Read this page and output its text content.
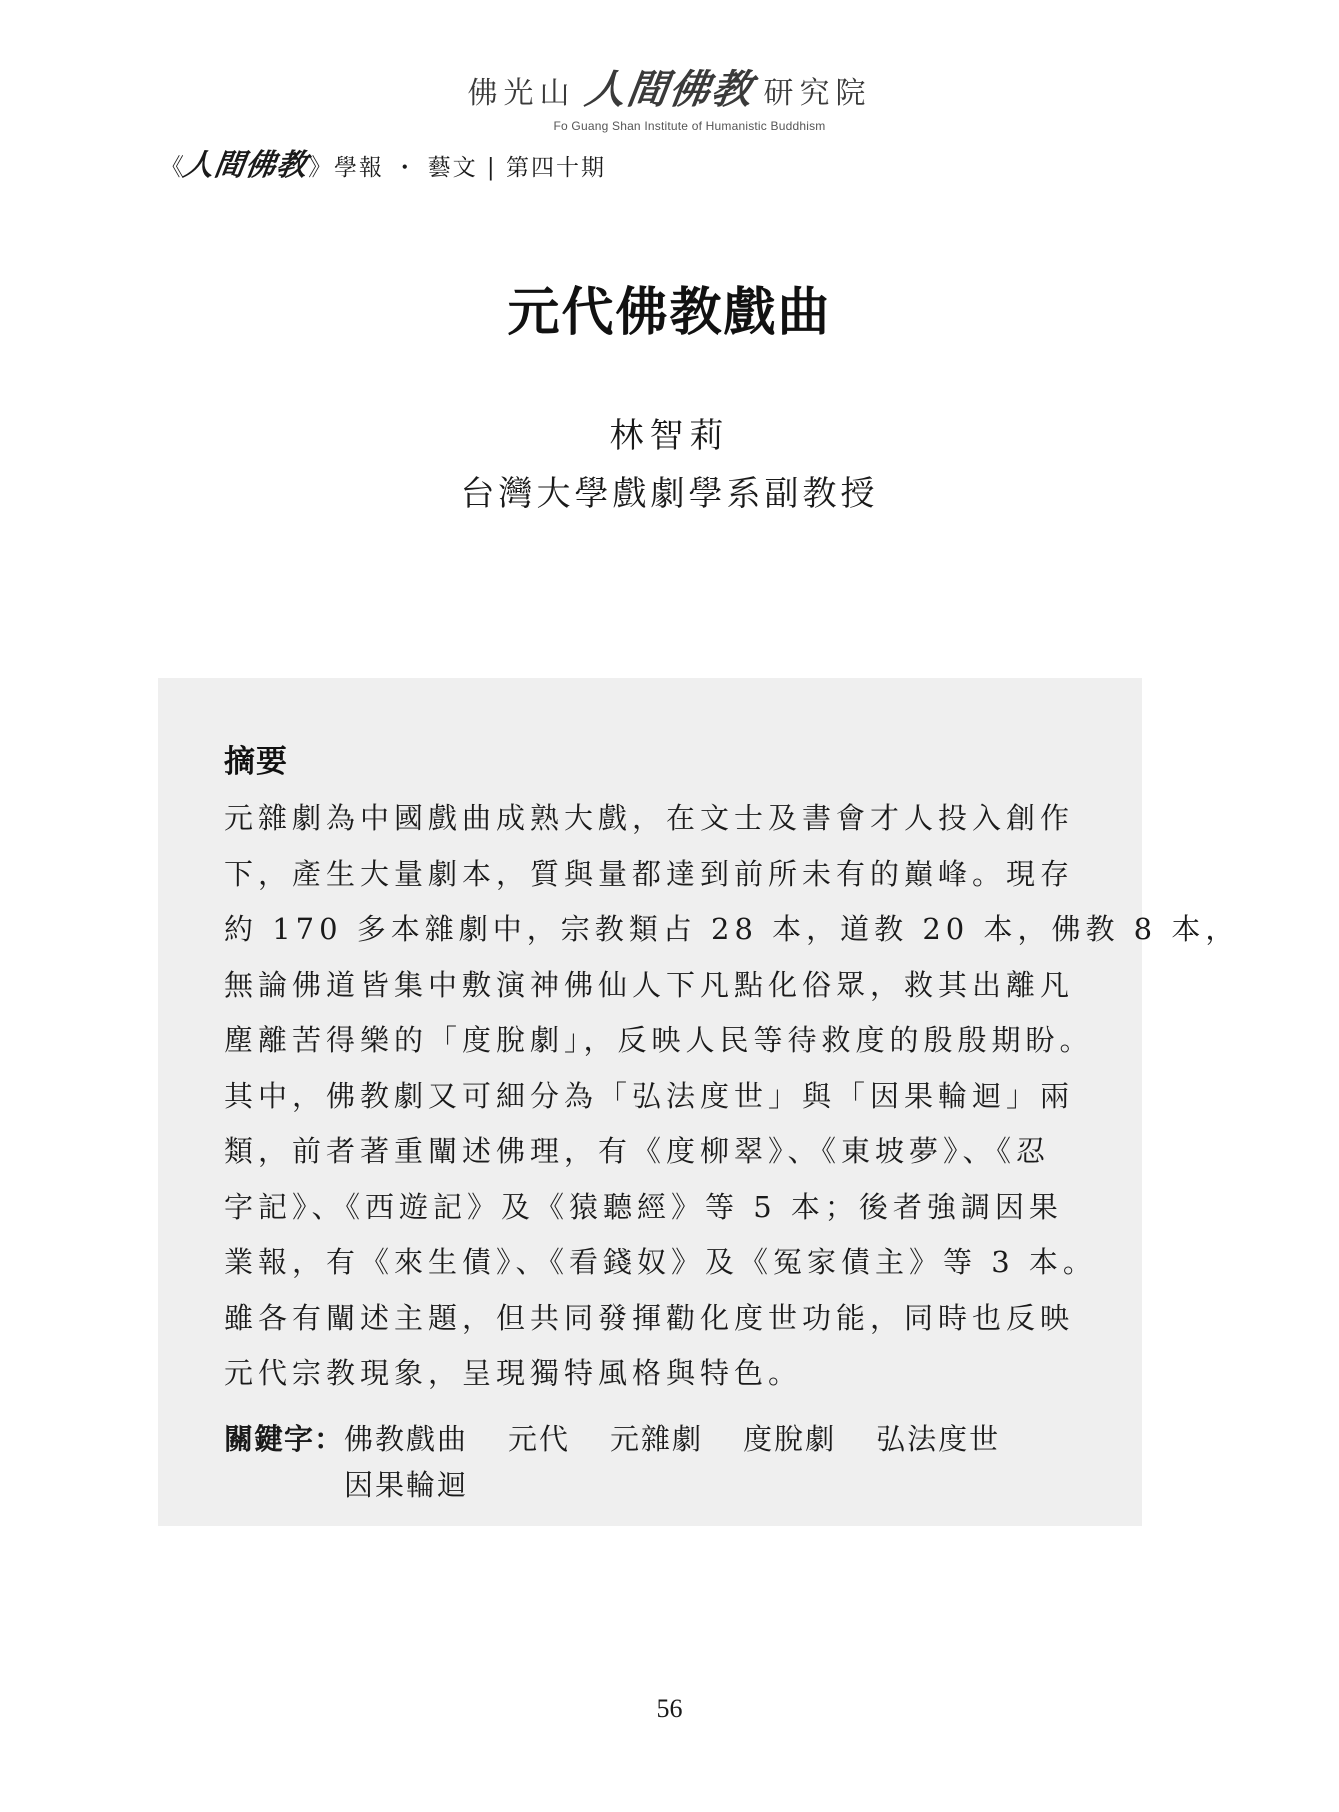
佛光山 人間佛教 研究院
Fo Guang Shan Institute of Humanistic Buddhism
《
人間佛教
》 學報 ・ 藝文 | 第四十期
元代佛教戲曲
林智莉
台灣大學戲劇學系副教授
摘要

元雜劇為中國戲曲成熟大戲，在文士及書會才人投入創作

下，產生大量劇本，質與量都達到前所未有的巔峰。現存

約 170 多本雜劇中，宗教類占 28 本，道教 20 本，佛教 8 本，

無論佛道皆集中敷演神佛仙人下凡點化俗眾，救其出離凡

塵離苦得樂的「度脫劇」，反映人民等待救度的殷殷期盼。

其中，佛教劇又可細分為「弘法度世」與「因果輪迴」兩

類，前者著重闡述佛理，有《度柳翠》、《東坡夢》、《忍

字記》、《西遊記》及《猿聽經》等 5 本；後者強調因果

業報，有《來生債》、《看錢奴》及《冤家債主》等 3 本。

雖各有闡述主題，但共同發揮勸化度世功能，同時也反映

元代宗教現象，呈現獨特風格與特色。

關鍵字： 佛教戲曲 元代 元雜劇 度脫劇 弘法度世
因果輪迴
56
